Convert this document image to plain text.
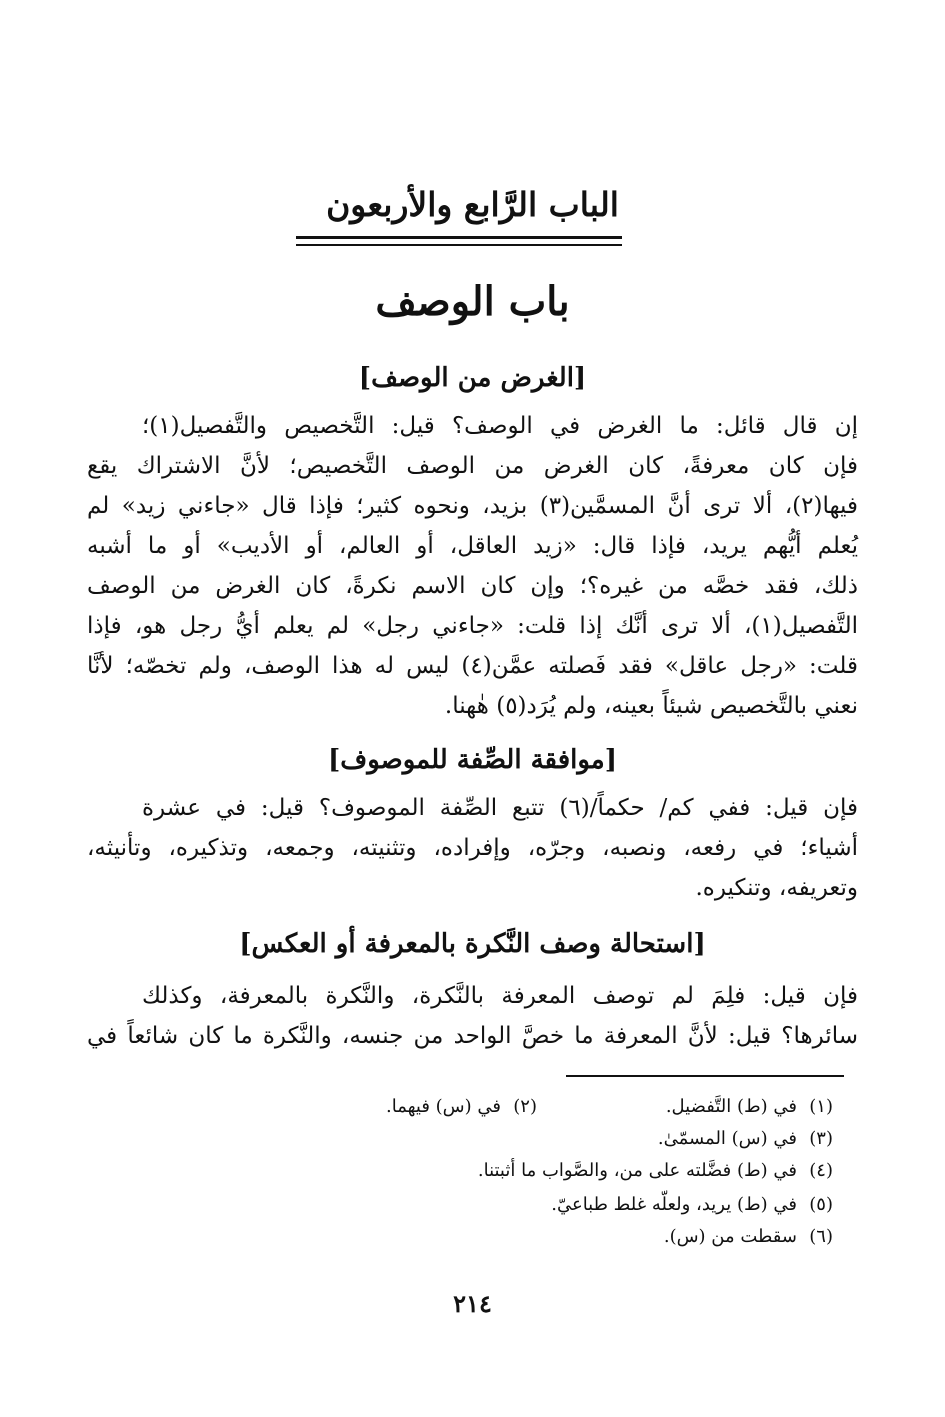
الباب الرَّابع والأربعون
باب الوصف
[الغرض من الوصف]
إن قال قائل: ما الغرض في الوصف؟ قيل: التَّخصيص والتَّفصيل(١)؛
فإن كان معرفةً، كان الغرض من الوصف التَّخصيص؛ لأنَّ الاشتراك يقع
فيها(٢)، ألا ترى أنَّ المسمَّين(٣) بزيد، ونحوه كثير؛ فإذا قال «جاءني زيد» لم
يُعلم أيُّهم يريد، فإذا قال: «زيد العاقل، أو العالم، أو الأديب» أو ما أشبه
ذلك، فقد خصَّه من غيره؟؛ وإن كان الاسم نكرةً، كان الغرض من الوصف
التَّفصيل(١)، ألا ترى أنَّك إذا قلت: «جاءني رجل» لم يعلم أيُّ رجل هو، فإذا
قلت: «رجل عاقل» فقد فَصلته عمَّن(٤) ليس له هذا الوصف، ولم تخصّه؛ لأنَّا
نعني بالتَّخصيص شيئاً بعينه، ولم يُرَد(٥) هٰهنا.
[موافقة الصِّفة للموصوف]
فإن قيل: ففي كم/ حكماً/(٦) تتبع الصِّفة الموصوف؟ قيل: في عشرة
أشياء؛ في رفعه، ونصبه، وجرّه، وإفراده، وتثنيته، وجمعه، وتذكيره، وتأنيثه،
وتعريفه، وتنكيره.
[استحالة وصف النَّكرة بالمعرفة أو العكس]
فإن قيل: فلِمَ لم توصف المعرفة بالنَّكرة، والنَّكرة بالمعرفة، وكذلك
سائرها؟ قيل: لأنَّ المعرفة ما خصَّ الواحد من جنسه، والنَّكرة ما كان شائعاً في
(١)في (ط) التَّفضيل.
(٢)في (س) فيهما.
(٣)في (س) المسمّىٰ.
(٤)في (ط) فضَّلته على من، والصَّواب ما أثبتنا.
(٥)في (ط) يريد، ولعلّه غلط طباعيّ.
(٦)سقطت من (س).
٢١٤
